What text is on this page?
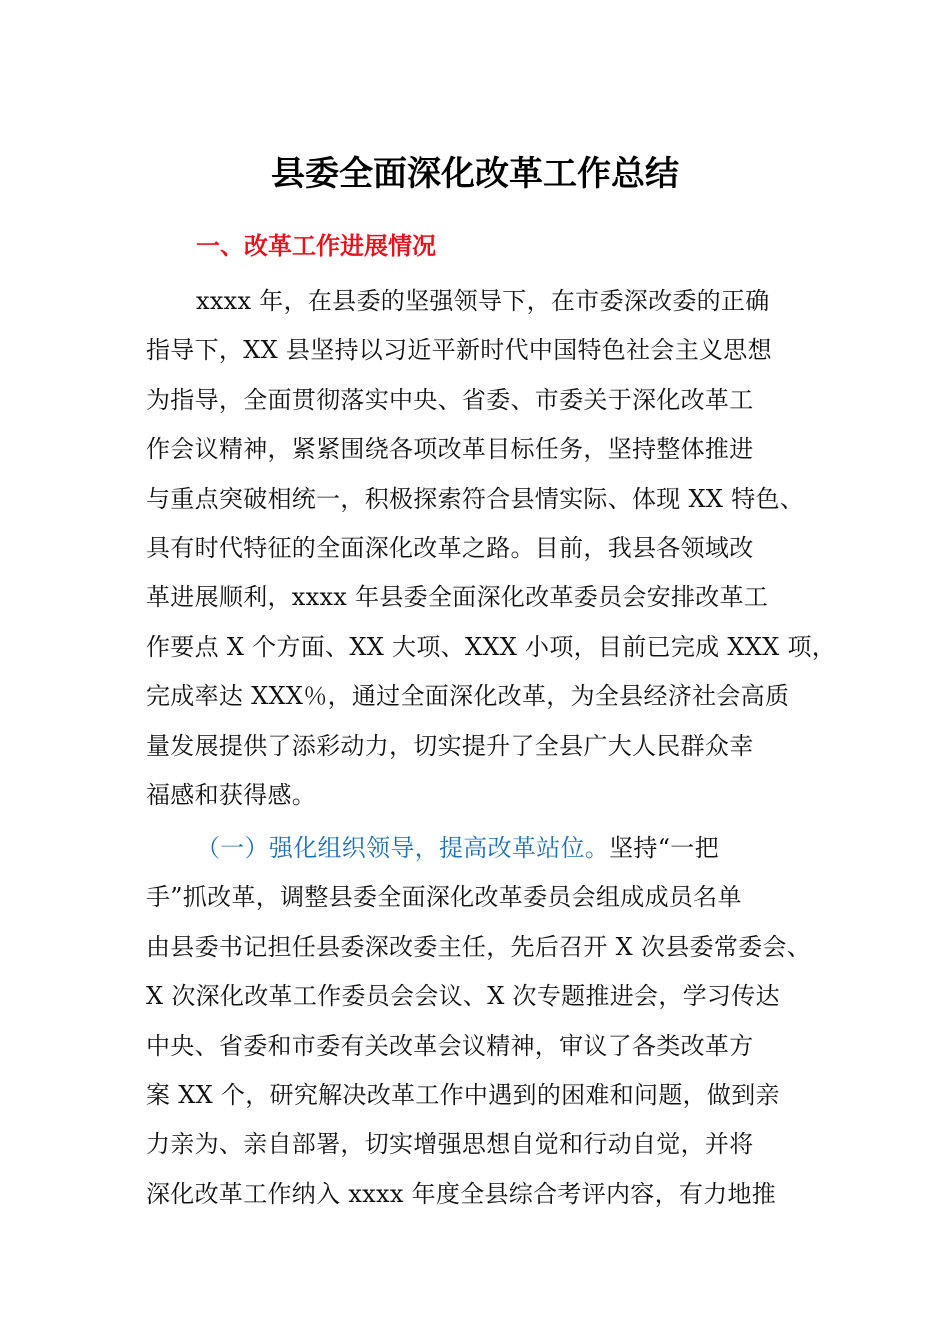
县委全面深化改革工作总结
一、改革工作进展情况
xxxx 年，在县委的坚强领导下，在市委深改委的正确
指导下，XX 县坚持以习近平新时代中国特色社会主义思想
为指导，全面贯彻落实中央、省委、市委关于深化改革工
作会议精神，紧紧围绕各项改革目标任务，坚持整体推进
与重点突破相统一，积极探索符合县情实际、体现 XX 特色、
具有时代特征的全面深化改革之路。目前，我县各领域改
革进展顺利，xxxx 年县委全面深化改革委员会安排改革工
作要点 X 个方面、XX 大项、XXX 小项，目前已完成 XXX 项，
完成率达 XXX％，通过全面深化改革，为全县经济社会高质
量发展提供了添彩动力，切实提升了全县广大人民群众幸
福感和获得感。
（一）强化组织领导，提高改革站位。坚持“一把
手”抓改革，调整县委全面深化改革委员会组成成员名单
由县委书记担任县委深改委主任，先后召开 X 次县委常委会、
X 次深化改革工作委员会会议、X 次专题推进会，学习传达
中央、省委和市委有关改革会议精神，审议了各类改革方
案 XX 个，研究解决改革工作中遇到的困难和问题，做到亲
力亲为、亲自部署，切实增强思想自觉和行动自觉，并将
深化改革工作纳入 xxxx 年度全县综合考评内容，有力地推
